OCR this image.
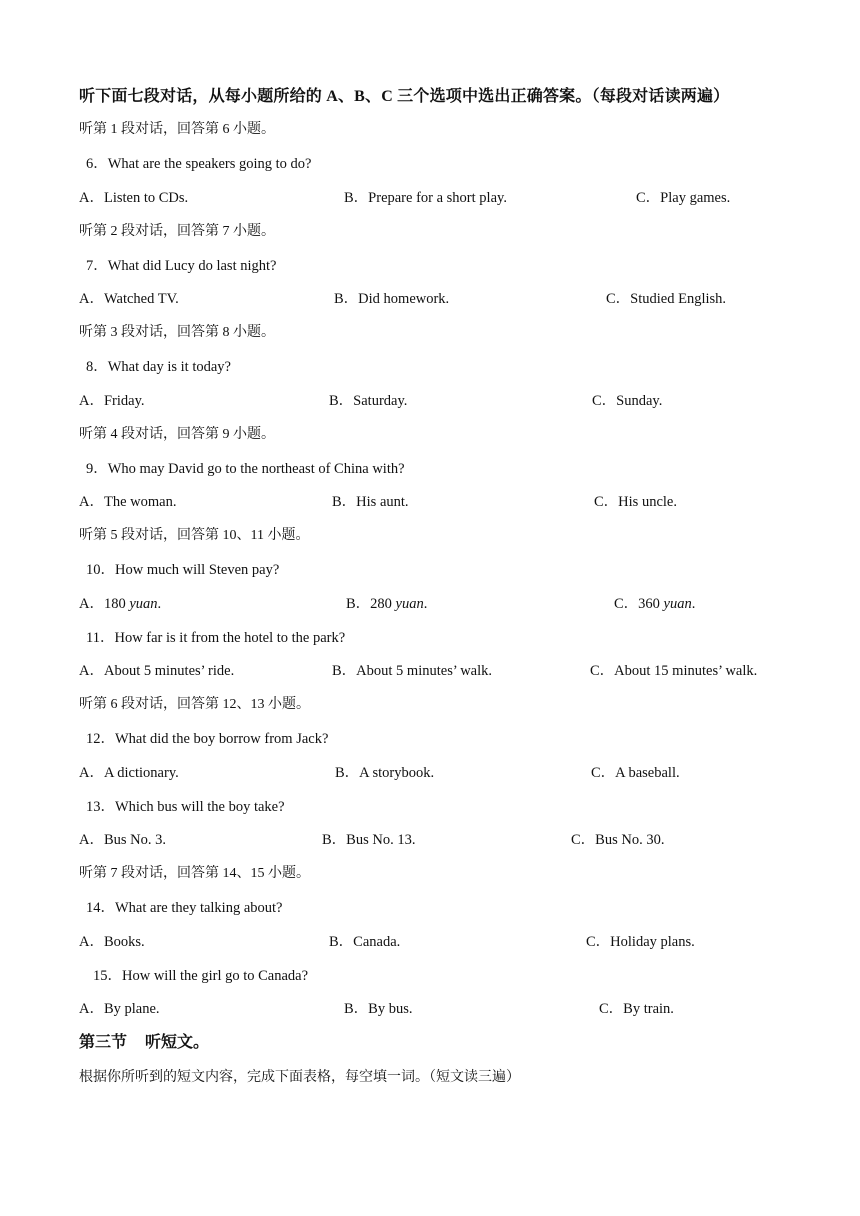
听下面七段对话，从每小题所给的 A、B、C 三个选项中选出正确答案。（每段对话读两遍）
听第 1 段对话，回答第 6 小题。
6．What are the speakers going to do?
A．Listen to CDs.	B．Prepare for a short play.	C．Play games.
听第 2 段对话，回答第 7 小题。
7．What did Lucy do last night?
A．Watched TV.	B．Did homework.	C．Studied English.
听第 3 段对话，回答第 8 小题。
8．What day is it today?
A．Friday.	B．Saturday.	C．Sunday.
听第 4 段对话，回答第 9 小题。
9．Who may David go to the northeast of China with?
A．The woman.	B．His aunt.	C．His uncle.
听第 5 段对话，回答第 10、11 小题。
10．How much will Steven pay?
A．180 yuan.	B．280 yuan.	C．360 yuan.
11．How far is it from the hotel to the park?
A．About 5 minutes’ ride.	B．About 5 minutes’ walk.	C．About 15 minutes’ walk.
听第 6 段对话，回答第 12、13 小题。
12．What did the boy borrow from Jack?
A．A dictionary.	B．A storybook.	C．A baseball.
13．Which bus will the boy take?
A．Bus No. 3.	B．Bus No. 13.	C．Bus No. 30.
听第 7 段对话，回答第 14、15 小题。
14．What are they talking about?
A．Books.	B．Canada.	C．Holiday plans.
15．How will the girl go to Canada?
A．By plane.	B．By bus.	C．By train.
第三节 听短文。
根据你所听到的短文内容，完成下面表格，每空填一词。（短文读三遍）
